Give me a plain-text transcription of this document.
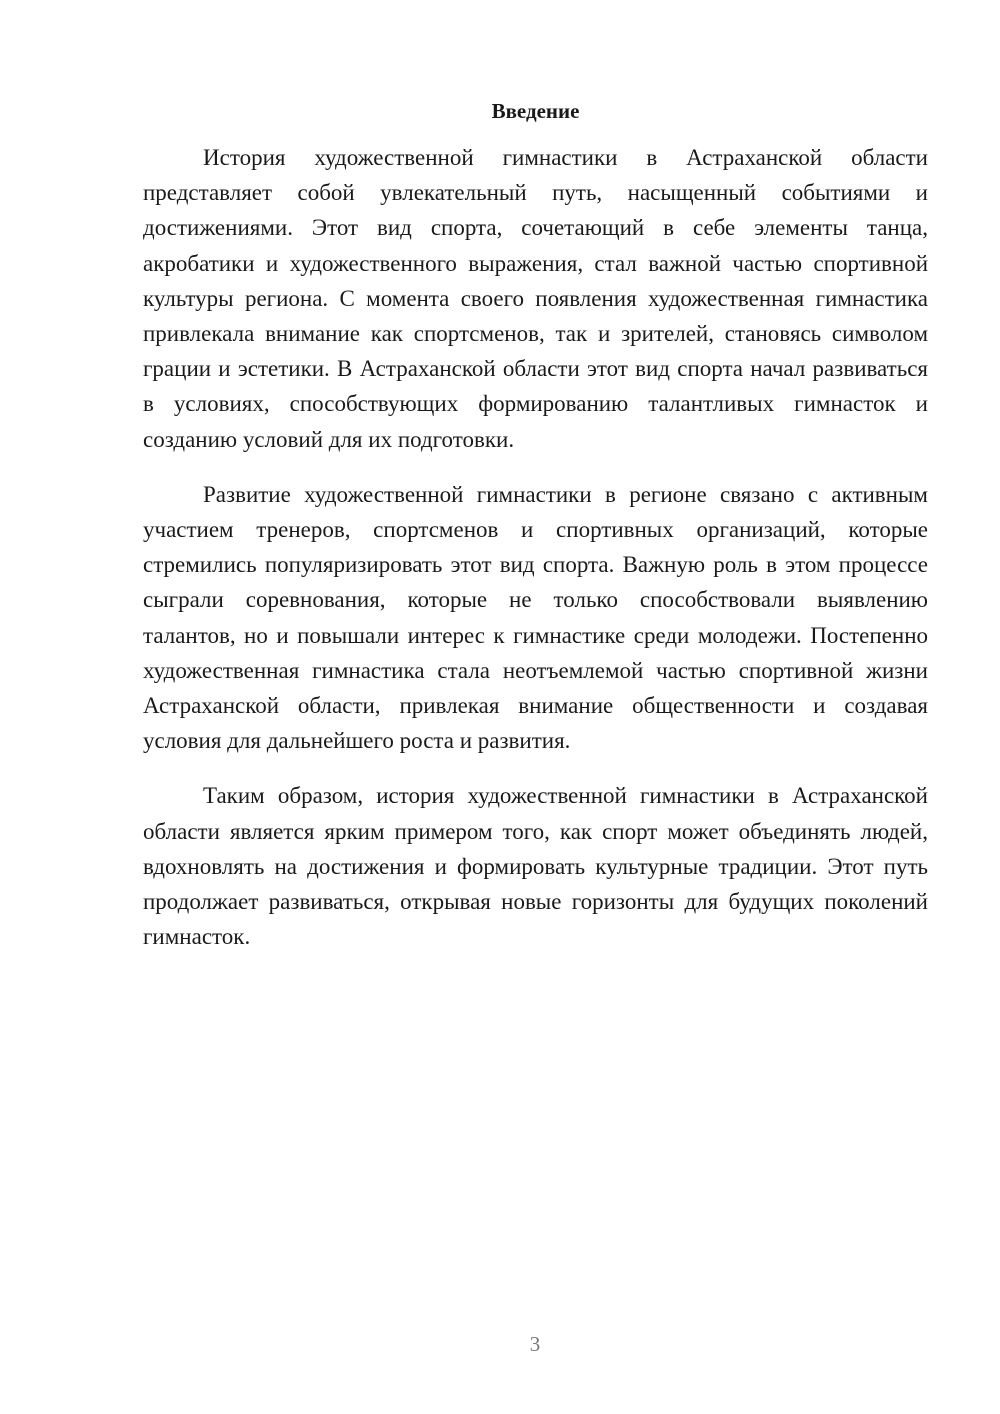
Введение

История художественной гимнастики в Астраханской области представляет собой увлекательный путь, насыщенный событиями и достижениями. Этот вид спорта, сочетающий в себе элементы танца, акробатики и художественного выражения, стал важной частью спортивной культуры региона. С момента своего появления художественная гимнастика привлекала внимание как спортсменов, так и зрителей, становясь символом грации и эстетики. В Астраханской области этот вид спорта начал развиваться в условиях, способствующих формированию талантливых гимнасток и созданию условий для их подготовки.

Развитие художественной гимнастики в регионе связано с активным участием тренеров, спортсменов и спортивных организаций, которые стремились популяризировать этот вид спорта. Важную роль в этом процессе сыграли соревнования, которые не только способствовали выявлению талантов, но и повышали интерес к гимнастике среди молодежи. Постепенно художественная гимнастика стала неотъемлемой частью спортивной жизни Астраханской области, привлекая внимание общественности и создавая условия для дальнейшего роста и развития.

Таким образом, история художественной гимнастики в Астраханской области является ярким примером того, как спорт может объединять людей, вдохновлять на достижения и формировать культурные традиции. Этот путь продолжает развиваться, открывая новые горизонты для будущих поколений гимнасток.

3
